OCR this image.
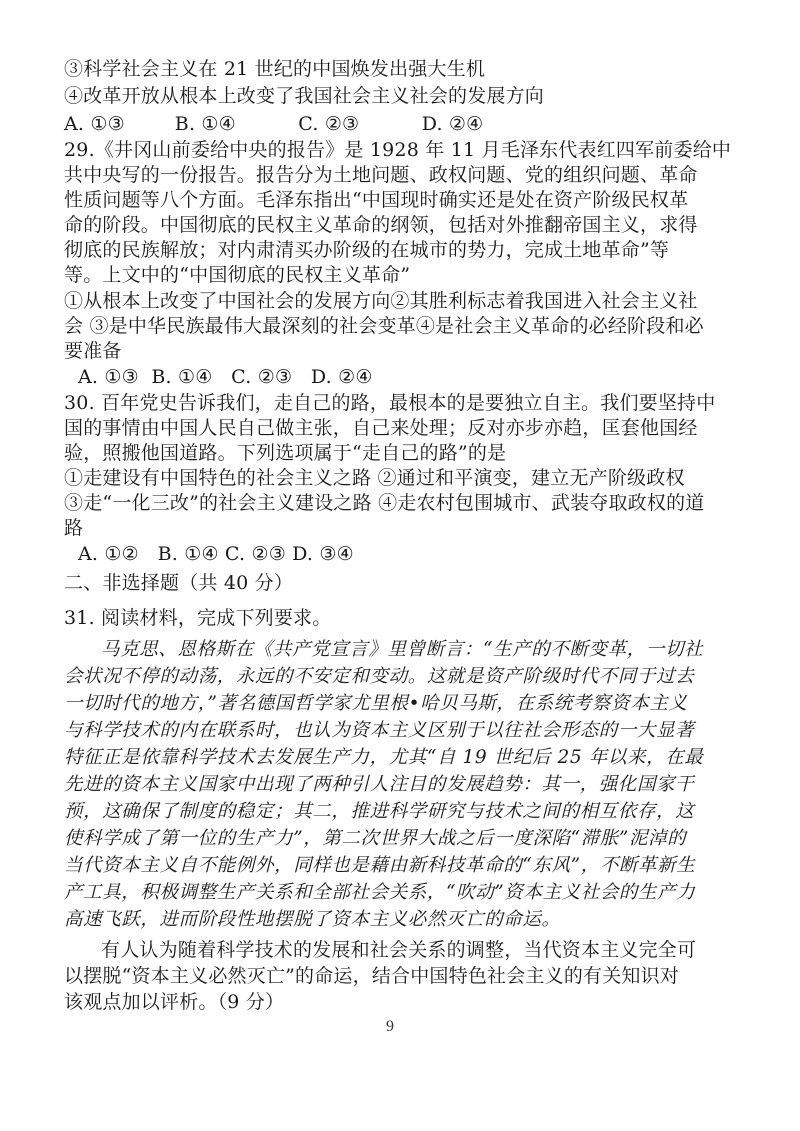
③科学社会主义在 21 世纪的中国焕发出强大生机
④改革开放从根本上改变了我国社会主义社会的发展方向
A. ①③        B. ①④          C. ②③          D. ②④
29.《井冈山前委给中央的报告》是 1928 年 11 月毛泽东代表红四军前委给中
共中央写的一份报告。报告分为土地问题、政权问题、党的组织问题、革命
性质问题等八个方面。毛泽东指出“中国现时确实还是处在资产阶级民权革
命的阶段。中国彻底的民权主义革命的纲领，包括对外推翻帝国主义，求得
彻底的民族解放；对内肃清买办阶级的在城市的势力，完成土地革命”等
等。上文中的“中国彻底的民权主义革命”
①从根本上改变了中国社会的发展方向②其胜利标志着我国进入社会主义社
会 ③是中华民族最伟大最深刻的社会变革④是社会主义革命的必经阶段和必
要准备
A. ①③  B. ①④   C. ②③   D. ②④
30. 百年党史告诉我们，走自己的路，最根本的是要独立自主。我们要坚持中
国的事情由中国人民自己做主张，自己来处理；反对亦步亦趋，匡套他国经
验，照搬他国道路。下列选项属于“走自己的路”的是
①走建设有中国特色的社会主义之路 ②通过和平演变，建立无产阶级政权
③走“一化三改”的社会主义建设之路 ④走农村包围城市、武装夺取政权的道
路
A. ①②   B. ①④ C. ②③ D. ③④
二、非选择题（共 40 分）
31. 阅读材料，完成下列要求。
马克思、恩格斯在《共产党宣言》里曾断言：“生产的不断变革，一切社
会状况不停的动荡，永远的不安定和变动。这就是资产阶级时代不同于过去
一切时代的地方，”著名德国哲学家尤里根•哈贝马斯，在系统考察资本主义
与科学技术的内在联系时，也认为资本主义区别于以往社会形态的一大显著
特征正是依靠科学技术去发展生产力，尤其“自 19 世纪后 25 年以来，在最
先进的资本主义国家中出现了两种引人注目的发展趋势：其一，强化国家干
预，这确保了制度的稳定；其二，推进科学研究与技术之间的相互依存，这
使科学成了第一位的生产力”，第二次世界大战之后一度深陷“滞胀”泥淖的
当代资本主义自不能例外，同样也是藉由新科技革命的“东风”，不断革新生
产工具，积极调整生产关系和全部社会关系，“吹动”资本主义社会的生产力
高速飞跃，进而阶段性地摆脱了资本主义必然灭亡的命运。
有人认为随着科学技术的发展和社会关系的调整，当代资本主义完全可
以摆脱“资本主义必然灭亡”的命运，结合中国特色社会主义的有关知识对
该观点加以评析。（9 分）
9
